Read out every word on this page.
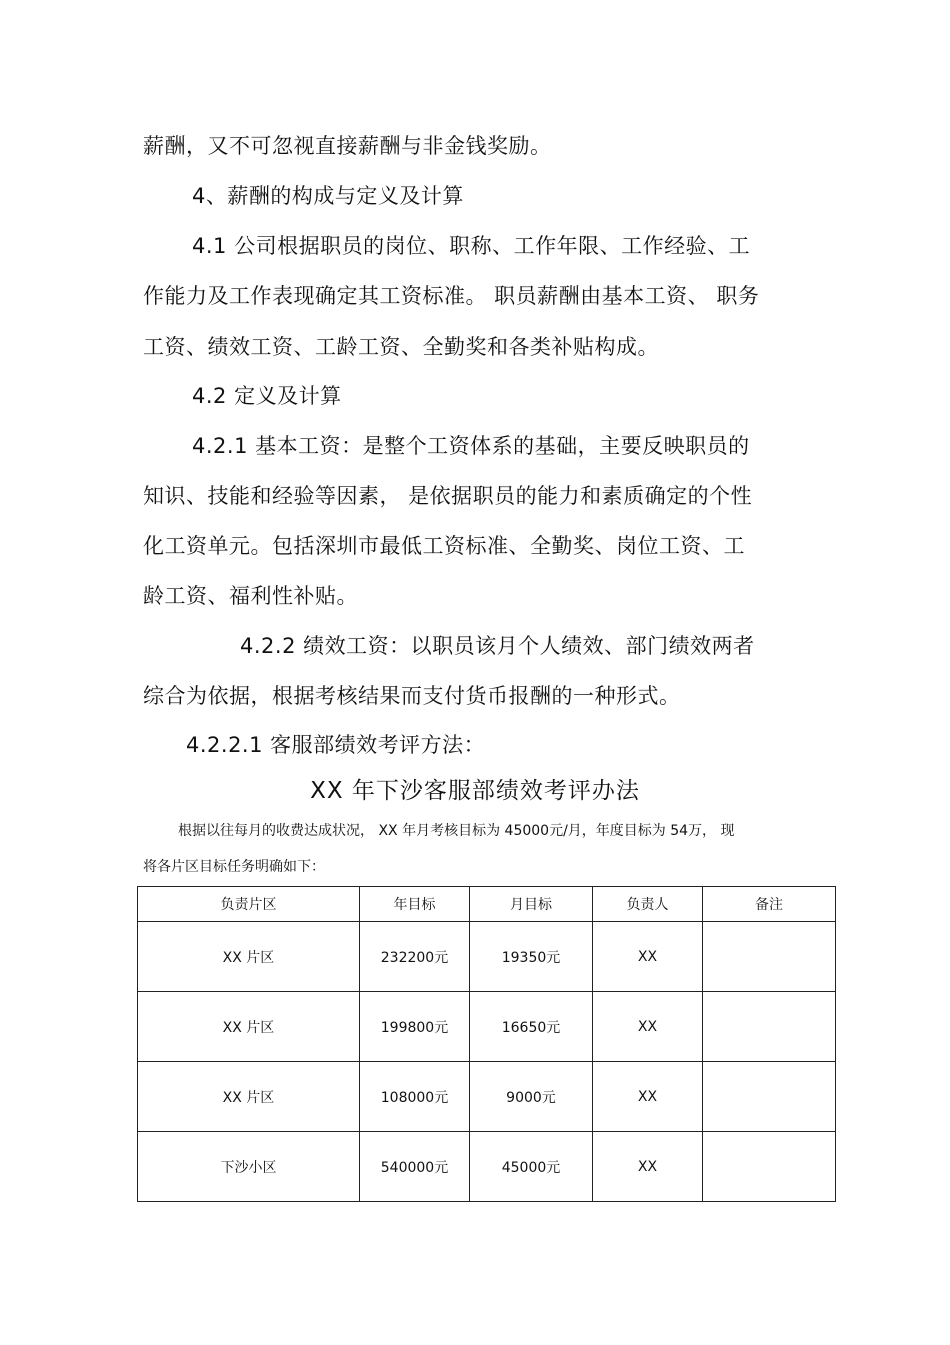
薪酬，又不可忽视直接薪酬与非金钱奖励。

4、薪酬的构成与定义及计算

4.1 公司根据职员的岗位、职称、工作年限、工作经验、工

作能力及工作表现确定其工资标准。 职员薪酬由基本工资、 职务

工资、绩效工资、工龄工资、全勤奖和各类补贴构成。

4.2 定义及计算

4.2.1 基本工资：是整个工资体系的基础，主要反映职员的

知识、技能和经验等因素， 是依据职员的能力和素质确定的个性

化工资单元。包括深圳市最低工资标准、全勤奖、岗位工资、工

龄工资、福利性补贴。

4.2.2 绩效工资：以职员该月个人绩效、部门绩效两者

综合为依据，根据考核结果而支付货币报酬的一种形式。

4.2.2.1 客服部绩效考评方法：

XX 年下沙客服部绩效考评办法

根据以往每月的收费达成状况， XX 年月考核目标为 45000元/月，年度目标为 54万， 现

将各片区目标任务明确如下：

负责片区	年目标	月目标	负责人	备注
XX 片区	232200元	19350元	XX	
XX 片区	199800元	16650元	XX	
XX 片区	108000元	9000元	XX	
下沙小区	540000元	45000元	XX	
